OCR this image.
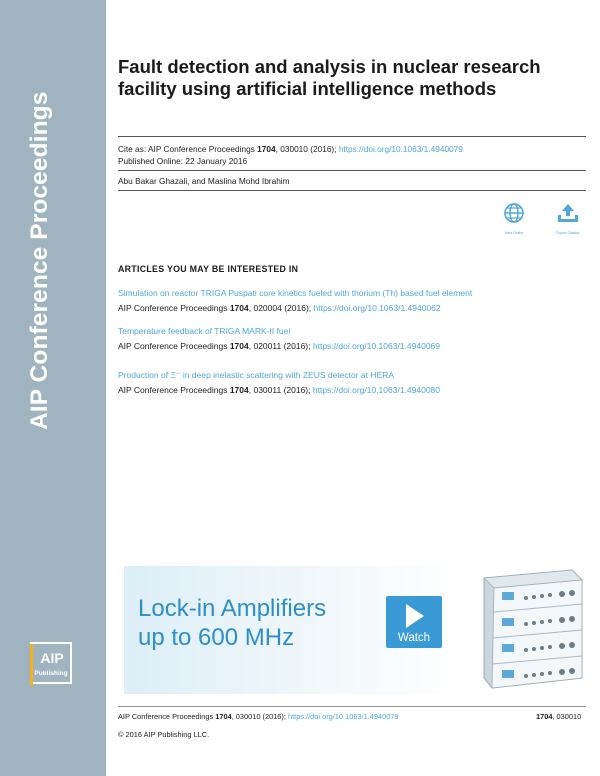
AIP Conference Proceedings
AIP
Publishing
Fault detection and analysis in nuclear research facility using artificial intelligence methods
Cite as: AIP Conference Proceedings 1704, 030010 (2016); https://doi.org/10.1063/1.4940079
Published Online: 22 January 2016
Abu Bakar Ghazali, and Maslina Mohd Ibrahim
View Online	Export Citation
ARTICLES YOU MAY BE INTERESTED IN
Simulation on reactor TRIGA Puspati core kinetics fueled with thorium (Th) based fuel element
AIP Conference Proceedings 1704, 020004 (2016); https://doi.org/10.1063/1.4940062
Temperature feedback of TRIGA MARK-II fuel
AIP Conference Proceedings 1704, 020011 (2016); https://doi.org/10.1063/1.4940069
Production of Ξ⁻ in deep inelastic scattering with ZEUS detector at HERA
AIP Conference Proceedings 1704, 030011 (2016); https://doi.org/10.1063/1.4940080
Lock-in Amplifiers
up to 600 MHz	Watch
AIP Conference Proceedings 1704, 030010 (2016); https://doi.org/10.1063/1.4940079	1704, 030010
© 2016 AIP Publishing LLC.
